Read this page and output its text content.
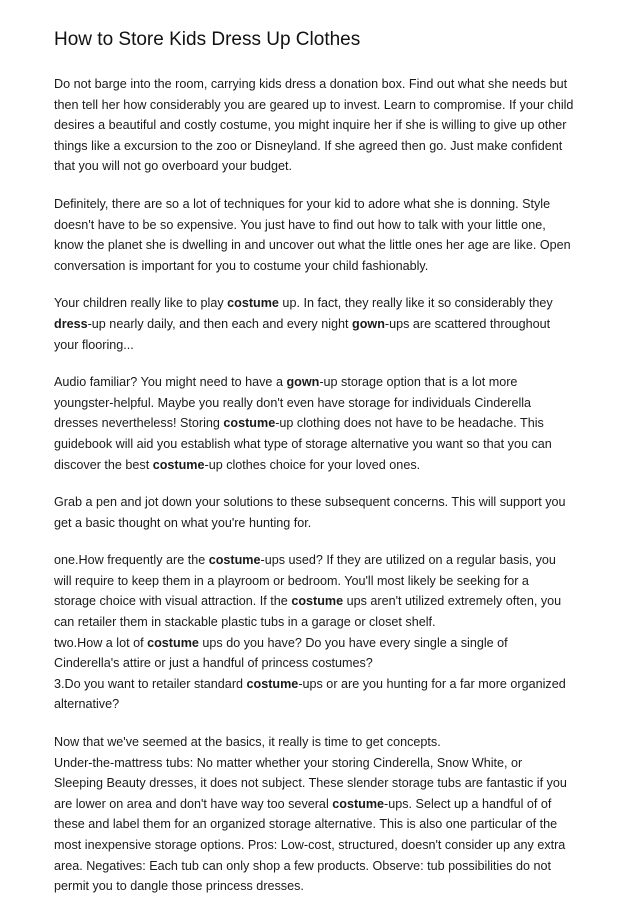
How to Store Kids Dress Up Clothes
Do not barge into the room, carrying kids dress a donation box. Find out what she needs but
then tell her how considerably you are geared up to invest. Learn to compromise. If your child
desires a beautiful and costly costume, you might inquire her if she is willing to give up other
things like a excursion to the zoo or Disneyland. If she agreed then go. Just make confident
that you will not go overboard your budget.
Definitely, there are so a lot of techniques for your kid to adore what she is donning. Style
doesn't have to be so expensive. You just have to find out how to talk with your little one,
know the planet she is dwelling in and uncover out what the little ones her age are like. Open
conversation is important for you to costume your child fashionably.
Your children really like to play costume up. In fact, they really like it so considerably they
dress-up nearly daily, and then each and every night gown-ups are scattered throughout
your flooring...
Audio familiar? You might need to have a gown-up storage option that is a lot more
youngster-helpful. Maybe you really don't even have storage for individuals Cinderella
dresses nevertheless! Storing costume-up clothing does not have to be headache. This
guidebook will aid you establish what type of storage alternative you want so that you can
discover the best costume-up clothes choice for your loved ones.
Grab a pen and jot down your solutions to these subsequent concerns. This will support you
get a basic thought on what you're hunting for.
one.How frequently are the costume-ups used? If they are utilized on a regular basis, you
will require to keep them in a playroom or bedroom. You'll most likely be seeking for a
storage choice with visual attraction. If the costume ups aren't utilized extremely often, you
can retailer them in stackable plastic tubs in a garage or closet shelf.
two.How a lot of costume ups do you have? Do you have every single a single of
Cinderella's attire or just a handful of princess costumes?
3.Do you want to retailer standard costume-ups or are you hunting for a far more organized
alternative?
Now that we've seemed at the basics, it really is time to get concepts.
Under-the-mattress tubs: No matter whether your storing Cinderella, Snow White, or
Sleeping Beauty dresses, it does not subject. These slender storage tubs are fantastic if you
are lower on area and don't have way too several costume-ups. Select up a handful of of
these and label them for an organized storage alternative. This is also one particular of the
most inexpensive storage options. Pros: Low-cost, structured, doesn't consider up any extra
area. Negatives: Each tub can only shop a few products. Observe: tub possibilities do not
permit you to dangle those princess dresses.
